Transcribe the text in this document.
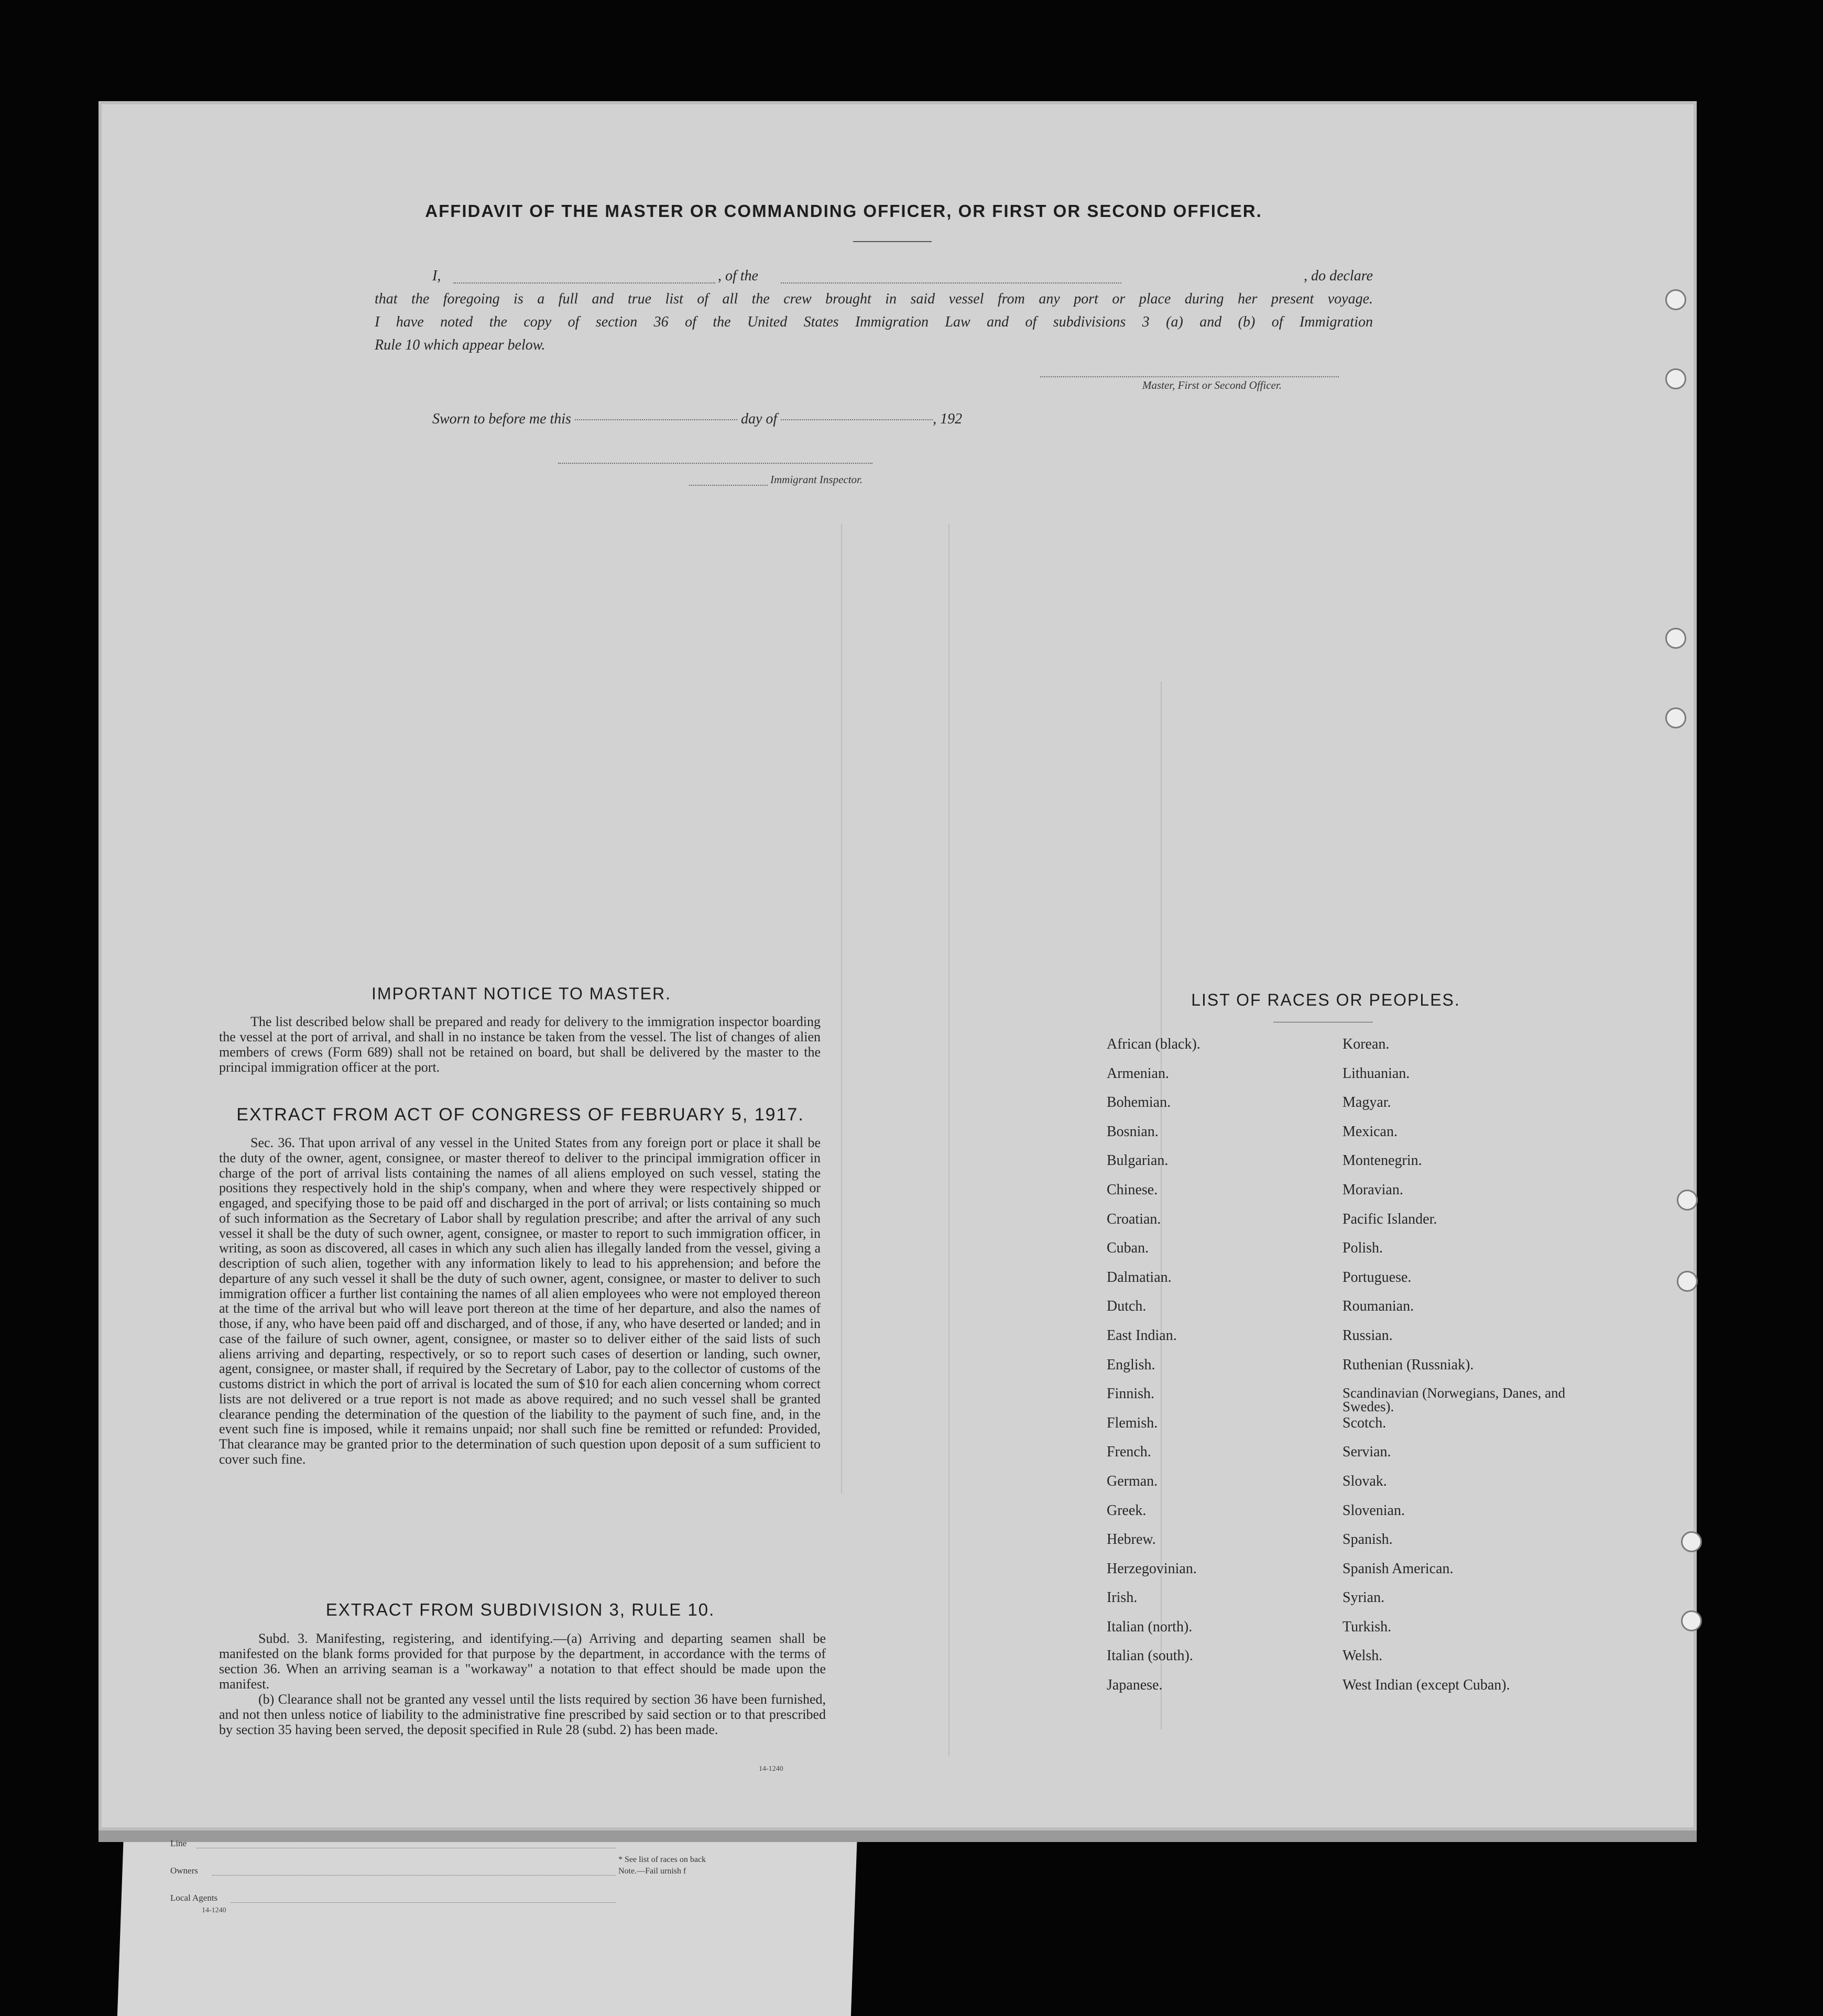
AFFIDAVIT OF THE MASTER OR COMMANDING OFFICER, OR FIRST OR SECOND OFFICER.

I,	, of the	, do declare

that the foregoing is a full and true list of all the crew brought in said vessel from any port or place during her present voyage.

I have noted the copy of section 36 of the United States Immigration Law and of subdivisions 3 (a) and (b) of Immigration

Rule 10 which appear below.

Master, First or Second Officer.
Sworn to before me this	day of	, 192
Immigrant Inspector.
IMPORTANT NOTICE TO MASTER.

The list described below shall be prepared and ready for delivery to the immigration inspector boarding the vessel at the port of arrival, and shall in no instance be taken from the vessel. The list of changes of alien members of crews (Form 689) shall not be retained on board, but shall be delivered by the master to the principal immigration officer at the port.

EXTRACT FROM ACT OF CONGRESS OF FEBRUARY 5, 1917.

Sec. 36. That upon arrival of any vessel in the United States from any foreign port or place it shall be the duty of the owner, agent, consignee, or master thereof to deliver to the principal immigration officer in charge of the port of arrival lists containing the names of all aliens employed on such vessel, stating the positions they respectively hold in the ship's company, when and where they were respectively shipped or engaged, and specifying those to be paid off and discharged in the port of arrival; or lists containing so much of such information as the Secretary of Labor shall by regulation prescribe; and after the arrival of any such vessel it shall be the duty of such owner, agent, consignee, or master to report to such immigration officer, in writing, as soon as discovered, all cases in which any such alien has illegally landed from the vessel, giving a description of such alien, together with any information likely to lead to his apprehension; and before the departure of any such vessel it shall be the duty of such owner, agent, consignee, or master to deliver to such immigration officer a further list containing the names of all alien employees who were not employed thereon at the time of the arrival but who will leave port thereon at the time of her departure, and also the names of those, if any, who have been paid off and discharged, and of those, if any, who have deserted or landed; and in case of the failure of such owner, agent, consignee, or master so to deliver either of the said lists of such aliens arriving and departing, respectively, or so to report such cases of desertion or landing, such owner, agent, consignee, or master shall, if required by the Secretary of Labor, pay to the collector of customs of the customs district in which the port of arrival is located the sum of $10 for each alien concerning whom correct lists are not delivered or a true report is not made as above required; and no such vessel shall be granted clearance pending the determination of the question of the liability to the payment of such fine, and, in the event such fine is imposed, while it remains unpaid; nor shall such fine be remitted or refunded: Provided, That clearance may be granted prior to the determination of such question upon deposit of a sum sufficient to cover such fine.

EXTRACT FROM SUBDIVISION 3, RULE 10.

Subd. 3. Manifesting, registering, and identifying.—(a) Arriving and departing seamen shall be manifested on the blank forms provided for that purpose by the department, in accordance with the terms of section 36. When an arriving seaman is a "workaway" a notation to that effect should be made upon the manifest.

(b) Clearance shall not be granted any vessel until the lists required by section 36 have been furnished, and not then unless notice of liability to the administrative fine prescribed by said section or to that prescribed by section 35 having been served, the deposit specified in Rule 28 (subd. 2) has been made.

14-1240
LIST OF RACES OR PEOPLES.
African (black).
Armenian.
Bohemian.
Bosnian.
Bulgarian.
Chinese.
Croatian.
Cuban.
Dalmatian.
Dutch.
East Indian.
English.
Finnish.
Flemish.
French.
German.
Greek.
Hebrew.
Herzegovinian.
Irish.
Italian (north).
Italian (south).
Japanese.
Korean.
Lithuanian.
Magyar.
Mexican.
Montenegrin.
Moravian.
Pacific Islander.
Polish.
Portuguese.
Roumanian.
Russian.
Ruthenian (Russniak).
Scandinavian (Norwegians, Danes, and Swedes).
Scotch.
Servian.
Slovak.
Slovenian.
Spanish.
Spanish American.
Syrian.
Turkish.
Welsh.
West Indian (except Cuban).
Line
Owners
Local Agents
14-1240
* See list of races on back
Note.—Fail urnish f
